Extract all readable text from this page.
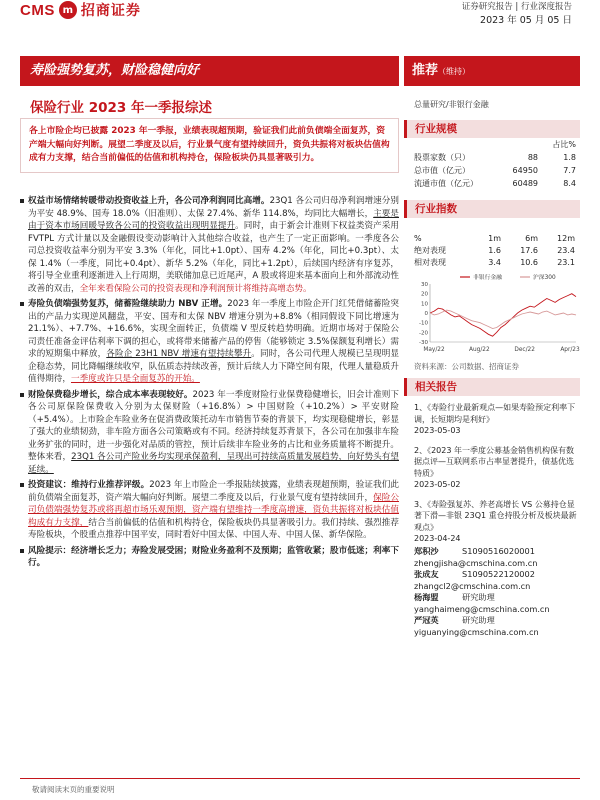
CMS m 招商证券	证券研究报告 | 行业深度报告
2023 年 05 月 05 日
寿险强势复苏，财险稳健向好	推荐（维持）
保险行业 2023 年一季报综述	总量研究/非银行金融
各上市险企均已披露 2023 年一季报，业绩表现超预期，验证我们此前负债端全面复苏，资产端大幅向好判断。展望二季度及以后，行业景气度有望持续回升，资负共振将对板块估值构成有力支撑，结合当前偏低的估值和机构持仓，保险板块仍具显著吸引力。
权益市场情绪转暖带动投资收益上升，各公司净利润同比高增。23Q1 各公司归母净利润增速分别为平安 48.9%、国寿 18.0%（旧准则）、太保 27.4%、新华 114.8%，均同比大幅增长，主要是由于资本市场回暖导致各公司的投资收益出现明显提升。同时，由于新会计准则下权益类资产采用 FVTPL 方式计量以及金融假设变动影响计入其他综合收益，也产生了一定正面影响。一季度各公司总投资收益率分别为平安 3.3%（年化，同比+1.0pt）、国寿 4.2%（年化，同比+0.3pt）、太保 1.4%（一季度，同比+0.4pt）、新华 5.2%（年化，同比+1.2pt），后续国内经济有序复苏，将引导全业重利逐渐进入上行周期，美联储加息已近尾声，A 股或将迎来基本面向上和外部流动性改善的双击，全年来看保险公司的投资表现和净利润预计将维持高增态势。
寿险负债端强势复苏，储蓄险继续助力 NBV 正增。2023 年一季度上市险企开门红凭借储蓄险突出的产品力实现逆风翻盘，平安、国寿和太保 NBV 增速分别为+8.8%（相同假设下同比增速为 21.1%）、+7.7%、+16.6%，实现全面转正，负债端 V 型反转趋势明确。近期市场对于保险公司责任准备金评估利率下调的担心，或将带来储蓄产品的停售（能够锁定 3.5%保额复利增长）需求的短期集中释放，各险企 23H1 NBV 增速有望持续攀升。同时，各公司代理人规模已呈现明显企稳态势，同比降幅继续收窄，队伍质态持续改善，预计后续人力下降空间有限，代理人量稳质升值得期待，一季度或许只是全面复苏的开始。
财险保费稳步增长，综合成本率表现较好。2023 年一季度财险行业保费稳健增长，旧会计准则下各公司原保险保费收入分别为太保财险（+16.8%）> 中国财险（+10.2%）> 平安财险（+5.4%）。上市险企车险业务在促消费政策托动车市销售节奏的背景下，均实现稳健增长，彰显了强大的业绩韧劲，非车险方面各公司策略或有不同。经济持续复苏背景下，各公司在加强非车险业务扩张的同时，进一步强化对品质的管控，预计后续非车险业务的占比和业务质量将不断提升。整体来看，23Q1 各公司产险业务均实现承保盈利，呈现出可持续高质量发展趋势，向好势头有望延续。
投资建议：维持行业推荐评级。2023 年上市险企一季报陆续披露，业绩表现超预期，验证我们此前负债端全面复苏，资产端大幅向好判断。展望二季度及以后，行业景气度有望持续回升，保险公司负债端强势复苏或将再超市场乐观预期，资产端有望维持一季度高增速，资负共振将对板块估值构成有力支撑，结合当前偏低的估值和机构持仓，保险板块仍具显著吸引力。我们持续、强烈推荐寿险板块，个股重点推荐中国平安，同时看好中国太保、中国人寿、中国人保、新华保险。
风险提示：经济增长乏力；寿险发展受困；财险业务盈利不及预期；监管收紧；股市低迷；利率下行。
行业规模
占比%
股票家数（只）	88	1.8
总市值（亿元）	64950	7.7
流通市值（亿元）	60489	8.4
行业指数
%	1m	6m	12m
绝对表现	1.6	17.6	23.4
相对表现	3.4	10.6	23.1
30
20
10
0
-10
-20
-30
May/22	Aug/22	Dec/22	Apr/23
非银行金融	沪深300
资料来源：公司数据、招商证券
相关报告
1、《寿险行业最新观点—如果寿险预定利率下调，长短期均是利好》
2023-05-03
2、《2023 年一季度公募基金销售机构保有数据点评—互联网系市占率显著提升，债基优选特质》
2023-05-02
3、《寿险强复苏、养老高增长 VS 公募持仓显著下滑—非银 23Q1 重仓持股分析及板块最新观点》
2023-04-24
郑积沙	S1090516020001
zhengjisha@cmschina.com.cn
张成友	S1090522120002
zhangcl2@cmschina.com.cn
杨海盟	研究助理
yanghaimeng@cmschina.com.cn
严冠英	研究助理
yiguanying@cmschina.com.cn
敬请阅读末页的重要说明
